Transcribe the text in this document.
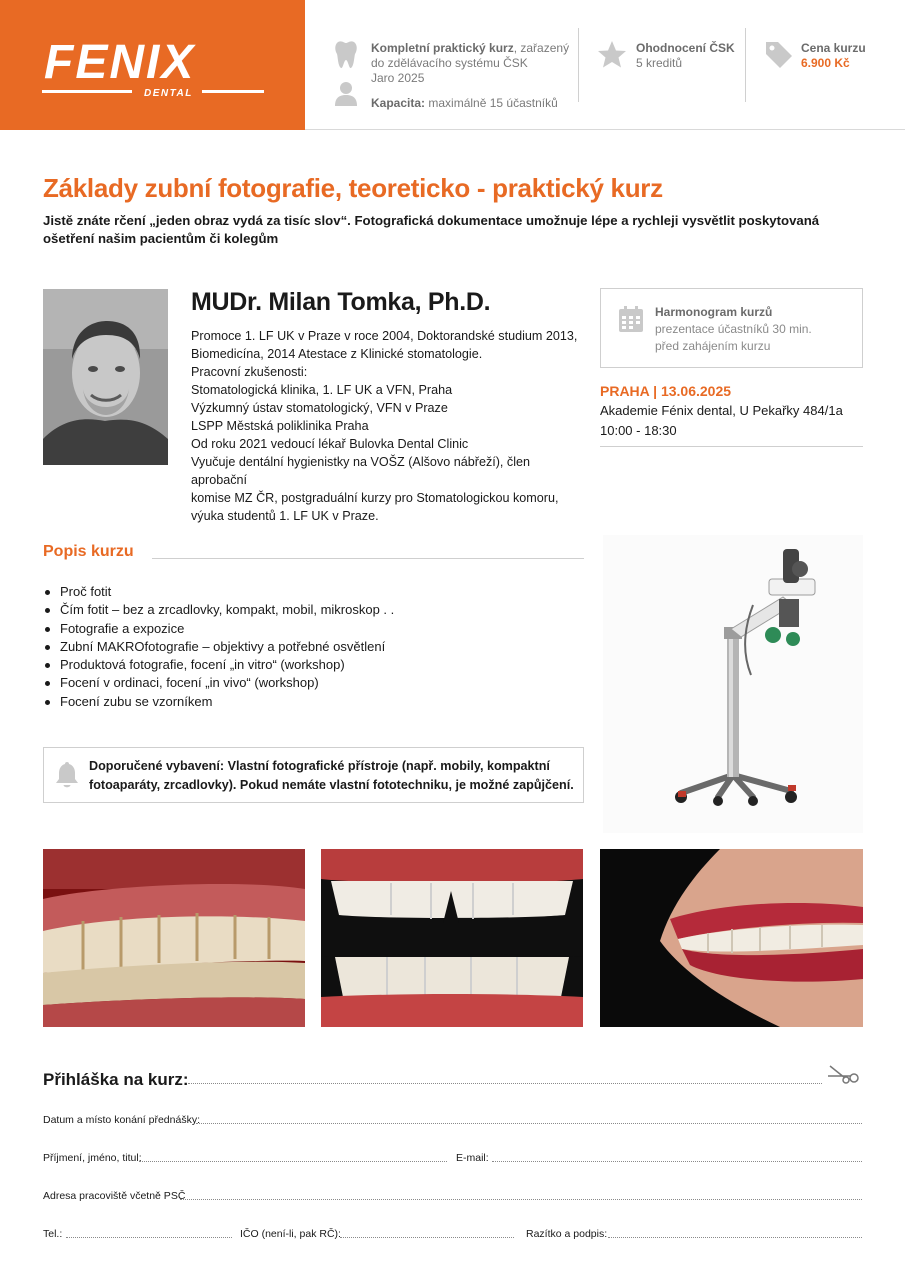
FENIX
DENTAL
Kompletní praktický kurz, zařazený
do zdělávacího systému ČSK
Jaro 2025
Kapacita: maximálně 15 účastníků
Ohodnocení ČSK
5 kreditů
Cena kurzu
6.900 Kč
Základy zubní fotografie, teoreticko - praktický kurz
Jistě znáte rčení „jeden obraz vydá za tisíc slov“. Fotografická dokumentace umožnuje lépe a rychleji vysvětlit poskytovaná ošetření našim pacientům či kolegům
MUDr. Milan Tomka, Ph.D.
Promoce 1. LF UK v Praze v roce 2004, Doktorandské studium 2013,
Biomedicína, 2014 Atestace z Klinické stomatologie.
Pracovní zkušenosti:
Stomatologická klinika, 1. LF UK a VFN, Praha
Výzkumný ústav stomatologický, VFN v Praze
LSPP Městská poliklinika Praha
Od roku 2021 vedoucí lékař Bulovka Dental Clinic
Vyučuje dentální hygienistky na VOŠZ (Alšovo nábřeží), člen aprobační
komise MZ ČR, postgraduální kurzy pro Stomatologickou komoru,
výuka studentů 1. LF UK v Praze.
Harmonogram kurzů
prezentace účastníků 30 min.
před zahájením kurzu
PRAHA | 13.06.2025
Akademie Fénix dental, U Pekařky 484/1a
10:00 - 18:30
Popis kurzu
Proč fotit
Čím fotit – bez a zrcadlovky, kompakt, mobil, mikroskop . .
Fotografie a expozice
Zubní MAKROfotografie – objektivy a potřebné osvětlení
Produktová fotografie, focení „in vitro“ (workshop)
Focení v ordinaci, focení „in vivo“ (workshop)
Focení zubu se vzorníkem
Doporučené vybavení: Vlastní fotografické přístroje (např. mobily, kompaktní fotoaparáty, zrcadlovky). Pokud nemáte vlastní fototechniku, je možné zapůjčení.
Přihláška na kurz:
Datum a místo konání přednášky:
Příjmení, jméno, titul:	E-mail:
Adresa pracoviště včetně PSČ
Tel.:	IČO (není-li, pak RČ):	Razítko a podpis:
